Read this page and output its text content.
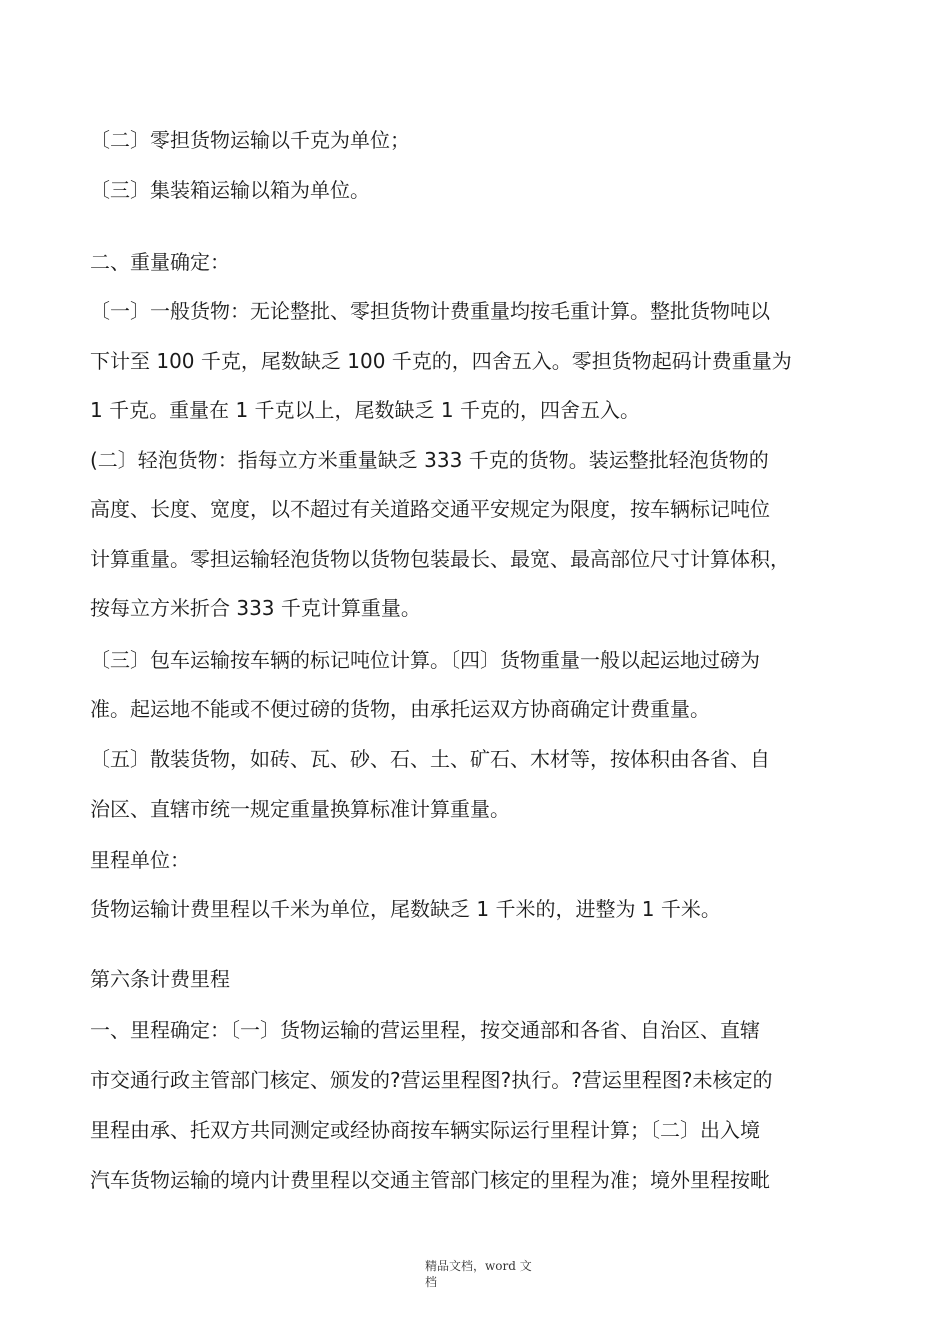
〔二〕零担货物运输以千克为单位；

〔三〕集装箱运输以箱为单位。

二、重量确定：

〔一〕一般货物：无论整批、零担货物计费重量均按毛重计算。整批货物吨以

下计至 100 千克，尾数缺乏 100 千克的，四舍五入。零担货物起码计费重量为

1 千克。重量在 1 千克以上，尾数缺乏 1 千克的，四舍五入。

(二〕轻泡货物：指每立方米重量缺乏 333 千克的货物。装运整批轻泡货物的

高度、长度、宽度，以不超过有关道路交通平安规定为限度，按车辆标记吨位

计算重量。零担运输轻泡货物以货物包装最长、最宽、最高部位尺寸计算体积，

按每立方米折合 333 千克计算重量。

〔三〕包车运输按车辆的标记吨位计算。〔四〕货物重量一般以起运地过磅为

准。起运地不能或不便过磅的货物，由承托运双方协商确定计费重量。

〔五〕散装货物，如砖、瓦、砂、石、土、矿石、木材等，按体积由各省、自

治区、直辖市统一规定重量换算标准计算重量。

里程单位：

货物运输计费里程以千米为单位，尾数缺乏 1 千米的，进整为 1 千米。

第六条计费里程

一、里程确定：〔一〕货物运输的营运里程，按交通部和各省、自治区、直辖

市交通行政主管部门核定、颁发的?营运里程图?执行。?营运里程图?未核定的

里程由承、托双方共同测定或经协商按车辆实际运行里程计算；〔二〕出入境

汽车货物运输的境内计费里程以交通主管部门核定的里程为准；境外里程按毗

精品文档，word 文
档
